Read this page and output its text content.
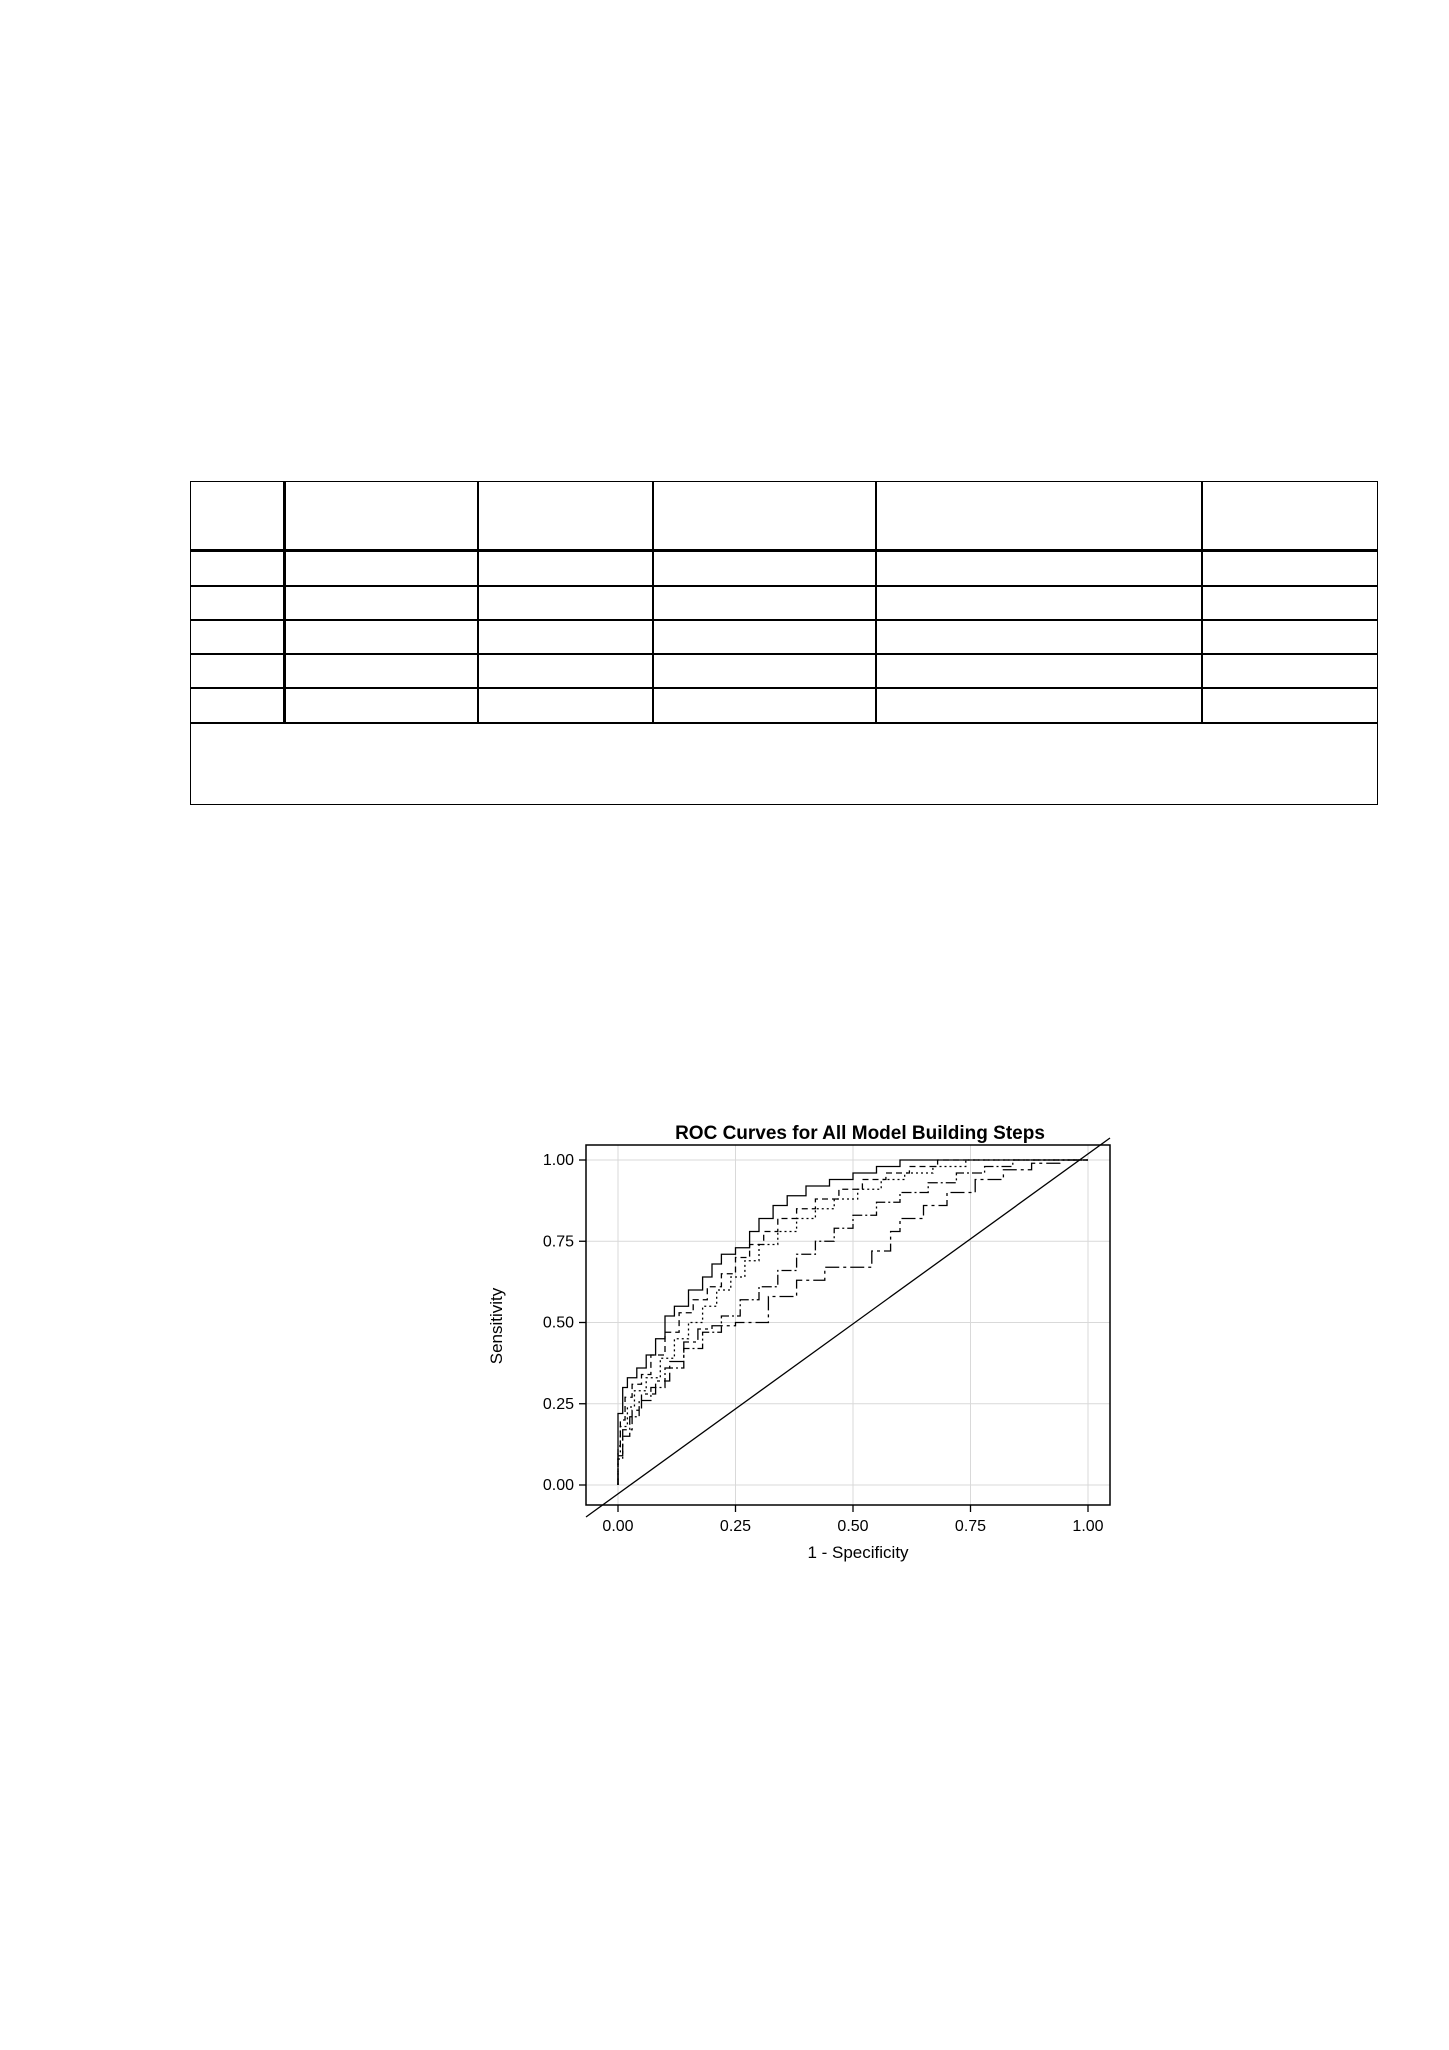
ROC Curves for All Model Building Steps
0.00	0.25	0.50	0.75	1.00
0.00
0.25
0.50
0.75
1.00
1 - Specificity
Sensitivity
